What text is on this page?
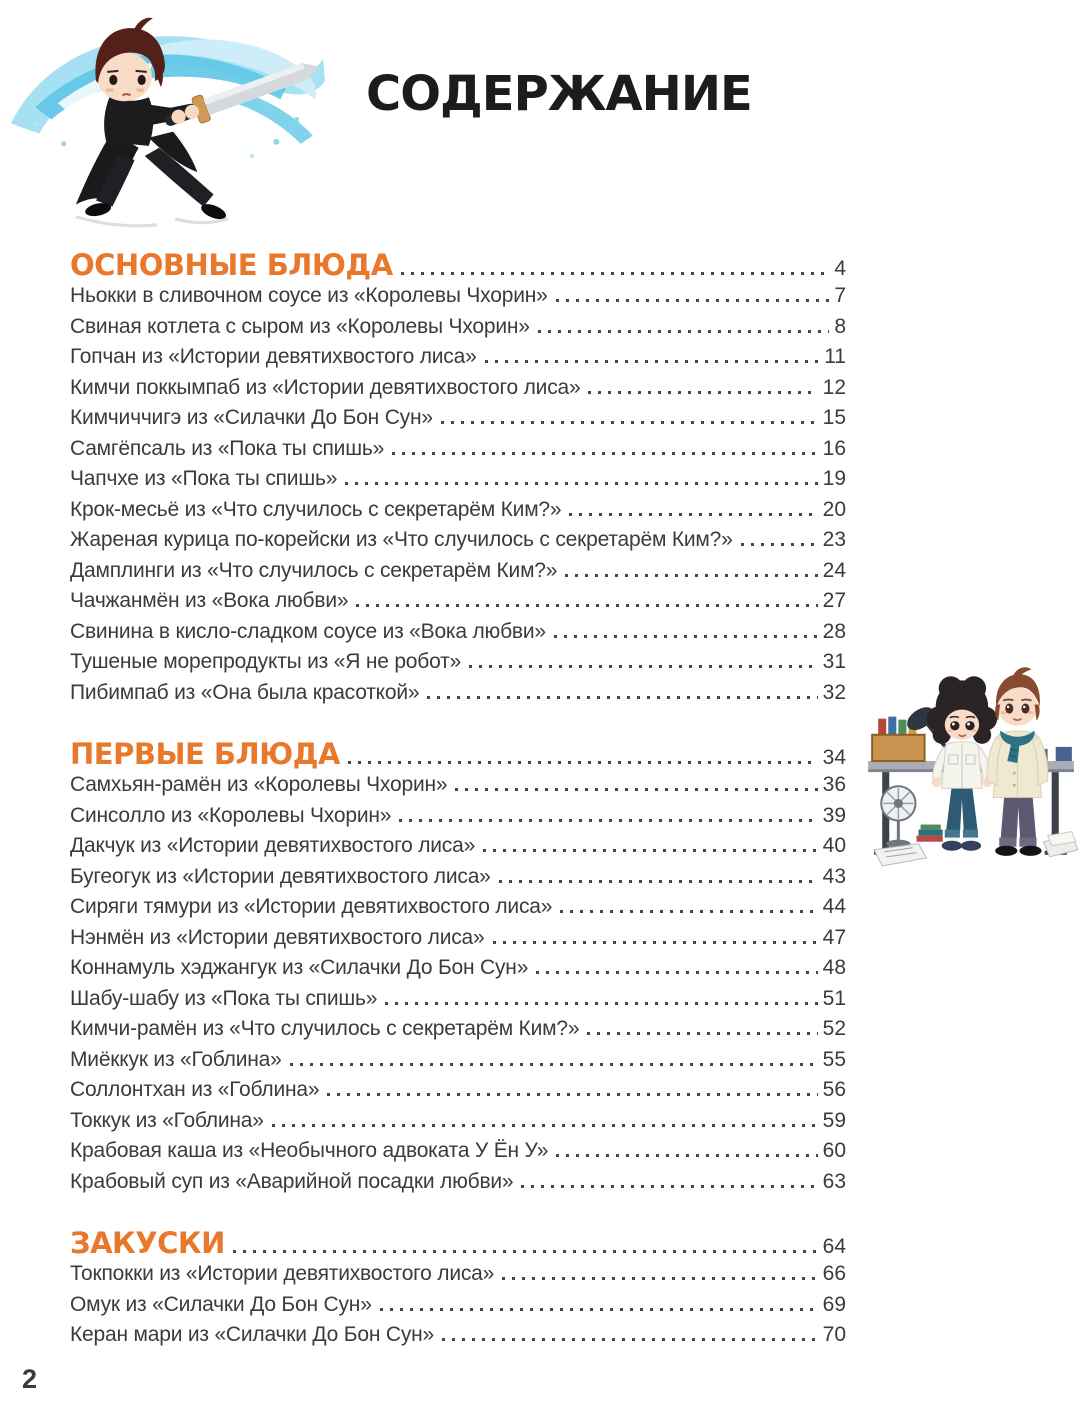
СОДЕРЖАНИЕ
ОСНОВНЫЕ БЛЮДА	4
Ньокки в сливочном соусе из «Королевы Чхорин»	7
Свиная котлета с сыром из «Королевы Чхорин»	8
Гопчан из «Истории девятихвостого лиса»	11
Кимчи поккымпаб из «Истории девятихвостого лиса»	12
Кимчиччигэ из «Силачки До Бон Сун»	15
Самгёпсаль из «Пока ты спишь»	16
Чапчхе из «Пока ты спишь»	19
Крок-месьё из «Что случилось с секретарём Ким?»	20
Жареная курица по-корейски из «Что случилось с секретарём Ким?»	23
Дамплинги из «Что случилось с секретарём Ким?»	24
Чачжанмён из «Вока любви»	27
Свинина в кисло-сладком соусе из «Вока любви»	28
Тушеные морепродукты из «Я не робот»	31
Пибимпаб из «Она была красоткой»	32
ПЕРВЫЕ БЛЮДА	34
Самхьян-рамён из «Королевы Чхорин»	36
Синсолло из «Королевы Чхорин»	39
Дакчук из «Истории девятихвостого лиса»	40
Бугеогук из «Истории девятихвостого лиса»	43
Сиряги тямури из «Истории девятихвостого лиса»	44
Нэнмён из «Истории девятихвостого лиса»	47
Коннамуль хэджангук из «Силачки До Бон Сун»	48
Шабу-шабу из «Пока ты спишь»	51
Кимчи-рамён из «Что случилось с секретарём Ким?»	52
Миёккук из «Гоблина»	55
Соллонтхан из «Гоблина»	56
Токкук из «Гоблина»	59
Крабовая каша из «Необычного адвоката У Ён У»	60
Крабовый суп из «Аварийной посадки любви»	63
ЗАКУСКИ	64
Токпокки из «Истории девятихвостого лиса»	66
Омук из «Силачки До Бон Сун»	69
Керан мари из «Силачки До Бон Сун»	70
2
